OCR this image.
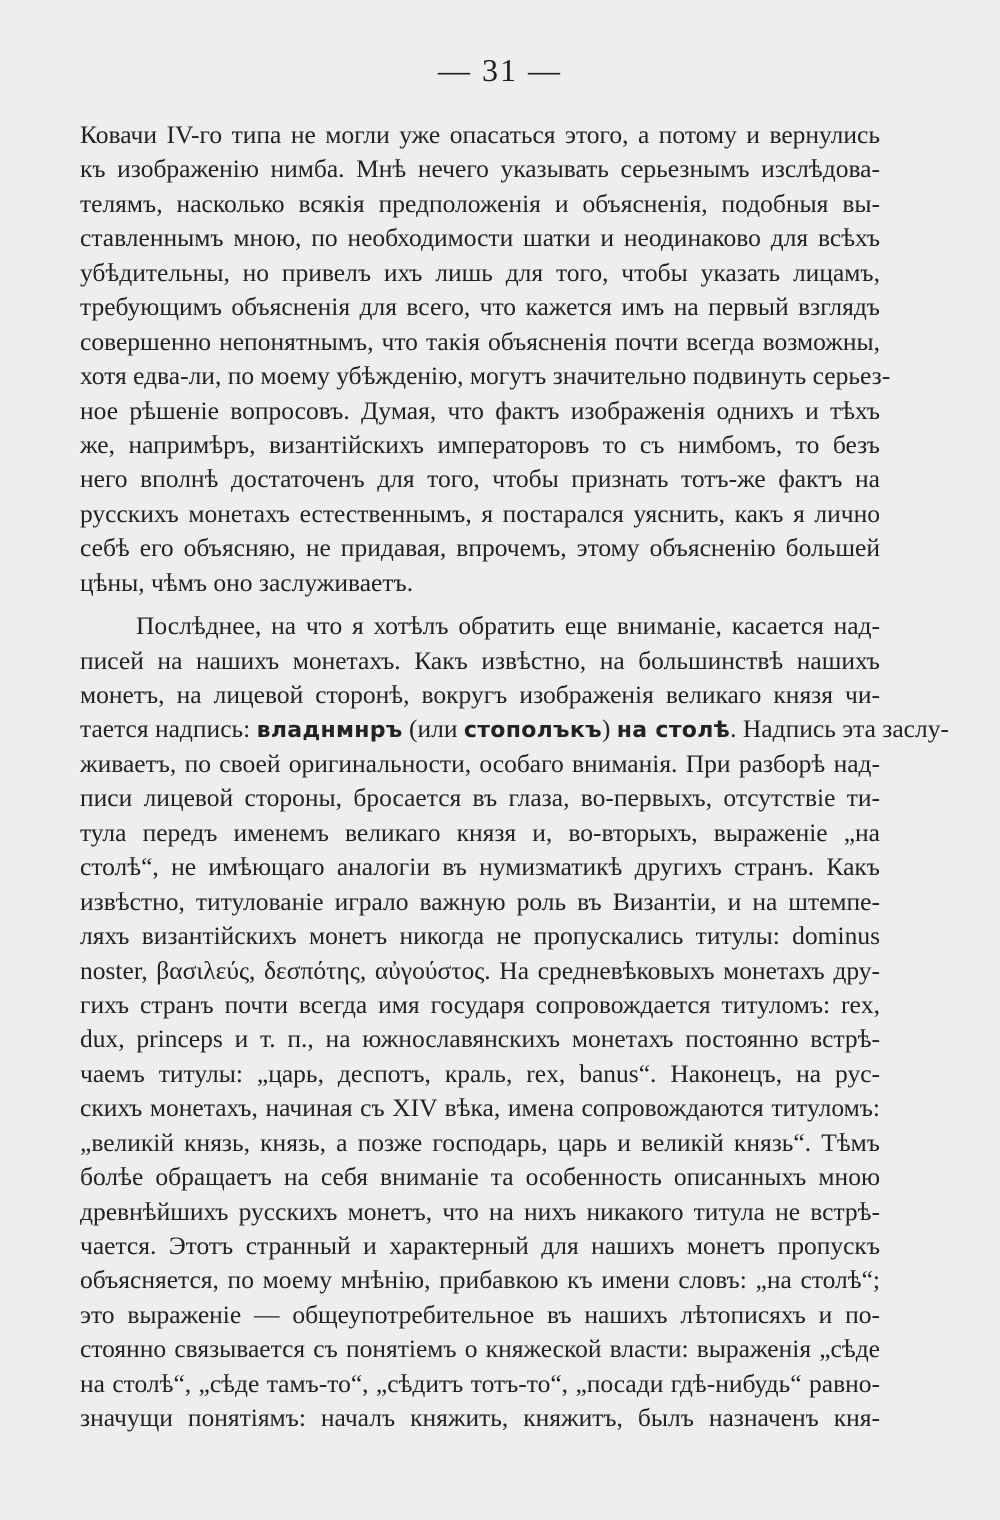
— 31 —
Ковачи IV-го типа не могли уже опасаться этого, а потому и вернулись
къ изображенію нимба. Мнѣ нечего указывать серьезнымъ изслѣдова-
телямъ, насколько всякія предположенія и объясненія, подобныя вы-
ставленнымъ мною, по необходимости шатки и неодинаково для всѣхъ
убѣдительны, но привелъ ихъ лишь для того, чтобы указать лицамъ,
требующимъ объясненія для всего, что кажется имъ на первый взглядъ
совершенно непонятнымъ, что такія объясненія почти всегда возможны,
хотя едва-ли, по моему убѣжденію, могутъ значительно подвинуть серьез-
ное рѣшеніе вопросовъ. Думая, что фактъ изображенія однихъ и тѣхъ
же, напримѣръ, византійскихъ императоровъ то съ нимбомъ, то безъ
него вполнѣ достаточенъ для того, чтобы признать тотъ-же фактъ на
русскихъ монетахъ естественнымъ, я постарался уяснить, какъ я лично
себѣ его объясняю, не придавая, впрочемъ, этому объясненію большей
цѣны, чѣмъ оно заслуживаетъ.
Послѣднее, на что я хотѣлъ обратить еще вниманіе, касается над-
писей на нашихъ монетахъ. Какъ извѣстно, на большинствѣ нашихъ
монетъ, на лицевой сторонѣ, вокругъ изображенія великаго князя чи-
тается надпись: владнмнръ (или стополъкъ) на столѣ. Надпись эта заслу-
живаетъ, по своей оригинальности, особаго вниманія. При разборѣ над-
писи лицевой стороны, бросается въ глаза, во-первыхъ, отсутствіе ти-
тула передъ именемъ великаго князя и, во-вторыхъ, выраженіе „на
столѣ“, не имѣющаго аналогіи въ нумизматикѣ другихъ странъ. Какъ
извѣстно, титулованіе играло важную роль въ Византіи, и на штемпе-
ляхъ византійскихъ монетъ никогда не пропускались титулы: dominus
noster, βασιλεύς, δεσπότης, αὐγούστος. На средневѣковыхъ монетахъ дру-
гихъ странъ почти всегда имя государя сопровождается титуломъ: rex,
dux, princeps и т. п., на южнославянскихъ монетахъ постоянно встрѣ-
чаемъ титулы: „царь, деспотъ, краль, rex, banus“. Наконецъ, на рус-
скихъ монетахъ, начиная съ XIV вѣка, имена сопровождаются титуломъ:
„великій князь, князь, а позже господарь, царь и великій князь“. Тѣмъ
болѣе обращаетъ на себя вниманіе та особенность описанныхъ мною
древнѣйшихъ русскихъ монетъ, что на нихъ никакого титула не встрѣ-
чается. Этотъ странный и характерный для нашихъ монетъ пропускъ
объясняется, по моему мнѣнію, прибавкою къ имени словъ: „на столѣ“;
это выраженіе — общеупотребительное въ нашихъ лѣтописяхъ и по-
стоянно связывается съ понятіемъ о княжеской власти: выраженія „сѣде
на столѣ“, „сѣде тамъ-то“, „сѣдитъ тотъ-то“, „посади гдѣ-нибудь“ равно-
значущи понятіямъ: началъ княжить, княжитъ, былъ назначенъ кня-
